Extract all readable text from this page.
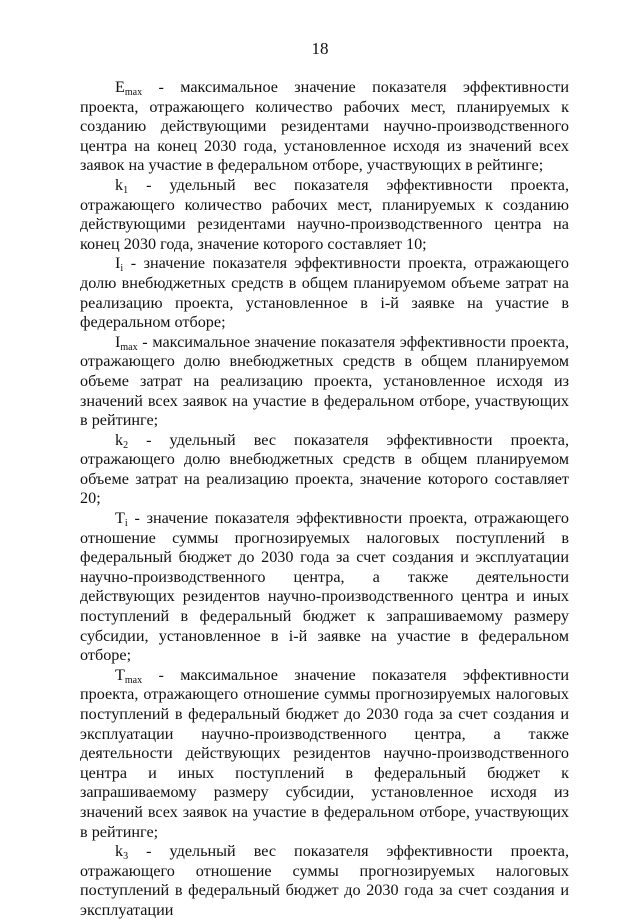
18

$E_{max}$ - максимальное значение показателя эффективности проекта, отражающего количество рабочих мест, планируемых к созданию действующими резидентами научно-производственного центра на конец 2030 года, установленное исходя из значений всех заявок на участие в федеральном отборе, участвующих в рейтинге;

$k_1$ - удельный вес показателя эффективности проекта, отражающего количество рабочих мест, планируемых к созданию действующими резидентами научно-производственного центра на конец 2030 года, значение которого составляет 10;

$I_i$ - значение показателя эффективности проекта, отражающего долю внебюджетных средств в общем планируемом объеме затрат на реализацию проекта, установленное в i-й заявке на участие в федеральном отборе;

$I_{max}$ - максимальное значение показателя эффективности проекта, отражающего долю внебюджетных средств в общем планируемом объеме затрат на реализацию проекта, установленное исходя из значений всех заявок на участие в федеральном отборе, участвующих в рейтинге;

$k_2$ - удельный вес показателя эффективности проекта, отражающего долю внебюджетных средств в общем планируемом объеме затрат на реализацию проекта, значение которого составляет 20;

$T_i$ - значение показателя эффективности проекта, отражающего отношение суммы прогнозируемых налоговых поступлений в федеральный бюджет до 2030 года за счет создания и эксплуатации научно-производственного центра, а также деятельности действующих резидентов научно-производственного центра и иных поступлений в федеральный бюджет к запрашиваемому размеру субсидии, установленное в i-й заявке на участие в федеральном отборе;

$T_{max}$ - максимальное значение показателя эффективности проекта, отражающего отношение суммы прогнозируемых налоговых поступлений в федеральный бюджет до 2030 года за счет создания и эксплуатации научно-производственного центра, а также деятельности действующих резидентов научно-производственного центра и иных поступлений в федеральный бюджет к запрашиваемому размеру субсидии, установленное исходя из значений всех заявок на участие в федеральном отборе, участвующих в рейтинге;

$k_3$ - удельный вес показателя эффективности проекта, отражающего отношение суммы прогнозируемых налоговых поступлений в федеральный бюджет до 2030 года за счет создания и эксплуатации
